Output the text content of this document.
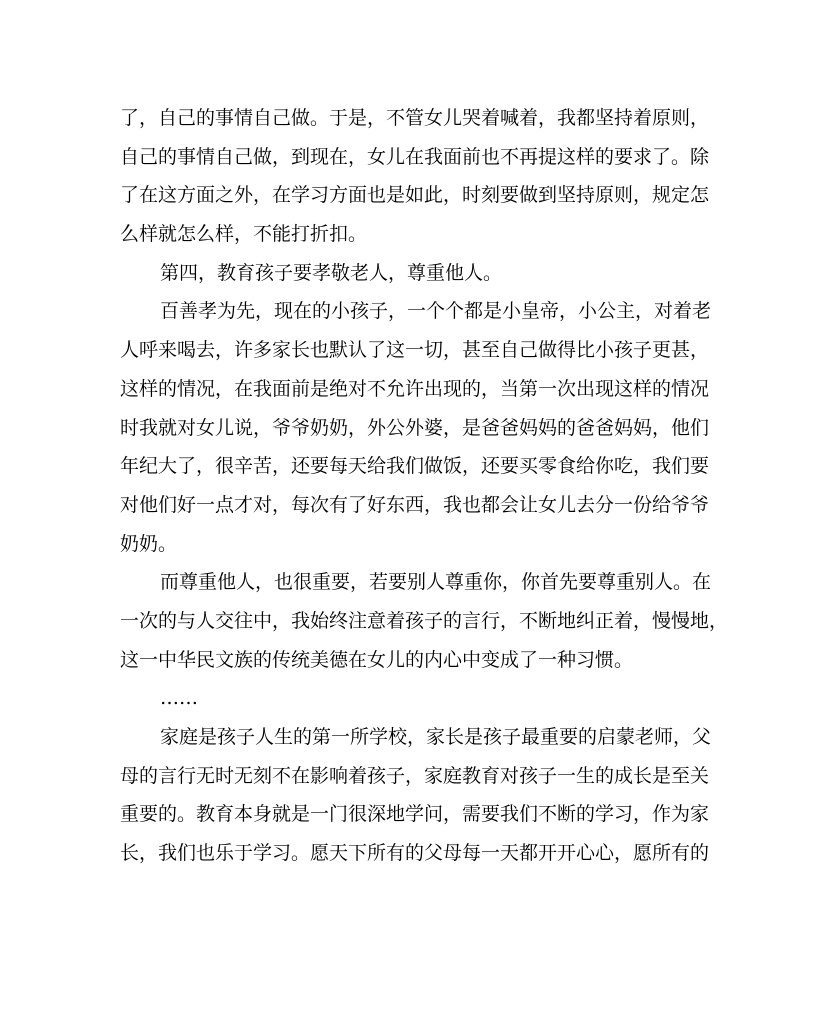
了，自己的事情自己做。于是，不管女儿哭着喊着，我都坚持着原则，
自己的事情自己做，到现在，女儿在我面前也不再提这样的要求了。除
了在这方面之外，在学习方面也是如此，时刻要做到坚持原则，规定怎
么样就怎么样，不能打折扣。
第四，教育孩子要孝敬老人，尊重他人。
百善孝为先，现在的小孩子，一个个都是小皇帝，小公主，对着老
人呼来喝去，许多家长也默认了这一切，甚至自己做得比小孩子更甚，
这样的情况，在我面前是绝对不允许出现的，当第一次出现这样的情况
时我就对女儿说，爷爷奶奶，外公外婆，是爸爸妈妈的爸爸妈妈，他们
年纪大了，很辛苦，还要每天给我们做饭，还要买零食给你吃，我们要
对他们好一点才对，每次有了好东西，我也都会让女儿去分一份给爷爷
奶奶。
而尊重他人，也很重要，若要别人尊重你，你首先要尊重别人。在
一次的与人交往中，我始终注意着孩子的言行，不断地纠正着，慢慢地，
这一中华民文族的传统美德在女儿的内心中变成了一种习惯。
……
家庭是孩子人生的第一所学校，家长是孩子最重要的启蒙老师，父
母的言行无时无刻不在影响着孩子，家庭教育对孩子一生的成长是至关
重要的。教育本身就是一门很深地学问，需要我们不断的学习，作为家
长，我们也乐于学习。愿天下所有的父母每一天都开开心心，愿所有的
